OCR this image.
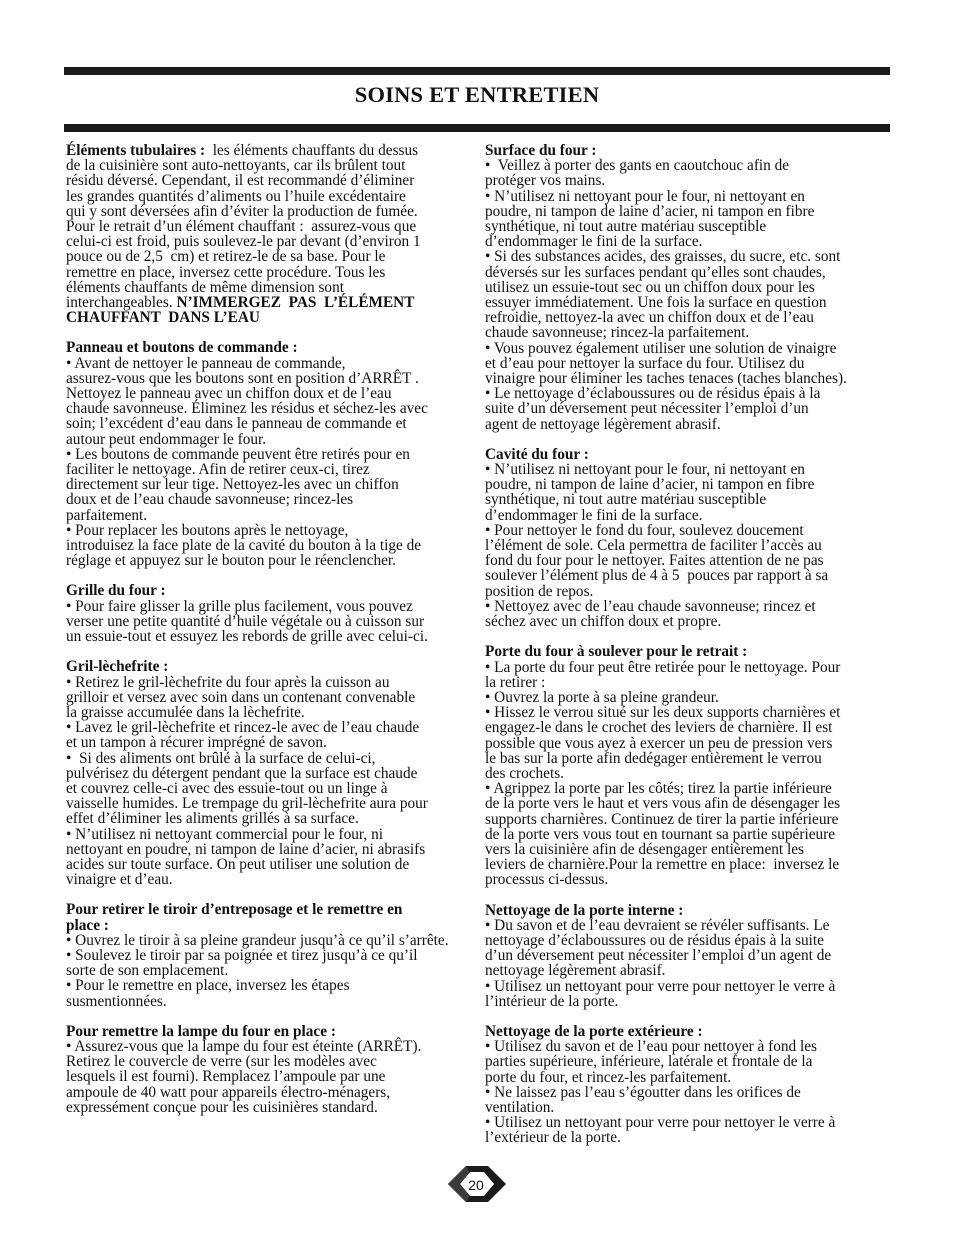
SOINS ET ENTRETIEN
Éléments tubulaires :  les éléments chauffants du dessus
de la cuisinière sont auto-nettoyants, car ils brûlent tout
résidu déversé. Cependant, il est recommandé d’éliminer
les grandes quantités d’aliments ou l’huile excédentaire
qui y sont déversées afin d’éviter la production de fumée.
Pour le retrait d’un élément chauffant :  assurez-vous que
celui-ci est froid, puis soulevez-le par devant (d’environ 1
pouce ou de 2,5  cm) et retirez-le de sa base. Pour le
remettre en place, inversez cette procédure. Tous les
éléments chauffants de même dimension sont
interchangeables. N’IMMERGEZ  PAS  L’ÉLÉMENT
CHAUFFANT  DANS L’EAU
Panneau et boutons de commande :
• Avant de nettoyer le panneau de commande,
assurez-vous que les boutons sont en position d’ARRÊT .
Nettoyez le panneau avec un chiffon doux et de l’eau
chaude savonneuse. Éliminez les résidus et séchez-les avec
soin; l’excédent d’eau dans le panneau de commande et
autour peut endommager le four.
• Les boutons de commande peuvent être retirés pour en
faciliter le nettoyage. Afin de retirer ceux-ci, tirez
directement sur leur tige. Nettoyez-les avec un chiffon
doux et de l’eau chaude savonneuse; rincez-les
parfaitement.
• Pour replacer les boutons après le nettoyage,
introduisez la face plate de la cavité du bouton à la tige de
réglage et appuyez sur le bouton pour le réenclencher.
Grille du four :
• Pour faire glisser la grille plus facilement, vous pouvez
verser une petite quantité d’huile végétale ou à cuisson sur
un essuie-tout et essuyez les rebords de grille avec celui-ci.
Gril-lèchefrite :
• Retirez le gril-lèchefrite du four après la cuisson au
grilloir et versez avec soin dans un contenant convenable
la graisse accumulée dans la lèchefrite.
• Lavez le gril-lèchefrite et rincez-le avec de l’eau chaude
et un tampon à récurer imprégné de savon.
•  Si des aliments ont brûlé à la surface de celui-ci,
pulvérisez du détergent pendant que la surface est chaude
et couvrez celle-ci avec des essuie-tout ou un linge à
vaisselle humides. Le trempage du gril-lèchefrite aura pour
effet d’éliminer les aliments grillés à sa surface.
• N’utilisez ni nettoyant commercial pour le four, ni
nettoyant en poudre, ni tampon de laine d’acier, ni abrasifs
acides sur toute surface. On peut utiliser une solution de
vinaigre et d’eau.
Pour retirer le tiroir d’entreposage et le remettre en
place :
• Ouvrez le tiroir à sa pleine grandeur jusqu’à ce qu’il s’arrête.
• Soulevez le tiroir par sa poignée et tirez jusqu’à ce qu’il
sorte de son emplacement.
• Pour le remettre en place, inversez les étapes
susmentionnées.
Pour remettre la lampe du four en place :
• Assurez-vous que la lampe du four est éteinte (ARRÊT).
Retirez le couvercle de verre (sur les modèles avec
lesquels il est fourni). Remplacez l’ampoule par une
ampoule de 40 watt pour appareils électro-ménagers,
expressément conçue pour les cuisinières standard.
Surface du four :
•  Veillez à porter des gants en caoutchouc afin de
protéger vos mains.
• N’utilisez ni nettoyant pour le four, ni nettoyant en
poudre, ni tampon de laine d’acier, ni tampon en fibre
synthétique, ni tout autre matériau susceptible
d’endommager le fini de la surface.
• Si des substances acides, des graisses, du sucre, etc. sont
déversés sur les surfaces pendant qu’elles sont chaudes,
utilisez un essuie-tout sec ou un chiffon doux pour les
essuyer immédiatement. Une fois la surface en question
refroidie, nettoyez-la avec un chiffon doux et de l’eau
chaude savonneuse; rincez-la parfaitement.
• Vous pouvez également utiliser une solution de vinaigre
et d’eau pour nettoyer la surface du four. Utilisez du
vinaigre pour éliminer les taches tenaces (taches blanches).
• Le nettoyage d’éclaboussures ou de résidus épais à la
suite d’un déversement peut nécessiter l’emploi d’un
agent de nettoyage légèrement abrasif.
Cavité du four :
• N’utilisez ni nettoyant pour le four, ni nettoyant en
poudre, ni tampon de laine d’acier, ni tampon en fibre
synthétique, ni tout autre matériau susceptible
d’endommager le fini de la surface.
• Pour nettoyer le fond du four, soulevez doucement
l’élément de sole. Cela permettra de faciliter l’accès au
fond du four pour le nettoyer. Faites attention de ne pas
soulever l’élément plus de 4 à 5  pouces par rapport à sa
position de repos.
• Nettoyez avec de l’eau chaude savonneuse; rincez et
séchez avec un chiffon doux et propre.
Porte du four à soulever pour le retrait :
• La porte du four peut être retirée pour le nettoyage. Pour
la retirer :
• Ouvrez la porte à sa pleine grandeur.
• Hissez le verrou situé sur les deux supports charnières et
engagez-le dans le crochet des leviers de charnière. Il est
possible que vous ayez à exercer un peu de pression vers
le bas sur la porte afin dedégager entièrement le verrou
des crochets.
• Agrippez la porte par les côtés; tirez la partie inférieure
de la porte vers le haut et vers vous afin de désengager les
supports charnières. Continuez de tirer la partie inférieure
de la porte vers vous tout en tournant sa partie supérieure
vers la cuisinière afin de désengager entièrement les
leviers de charnière.Pour la remettre en place:  inversez le
processus ci-dessus.
Nettoyage de la porte interne :
• Du savon et de l’eau devraient se révéler suffisants. Le
nettoyage d’éclaboussures ou de résidus épais à la suite
d’un déversement peut nécessiter l’emploi d’un agent de
nettoyage légèrement abrasif.
• Utilisez un nettoyant pour verre pour nettoyer le verre à
l’intérieur de la porte.
Nettoyage de la porte extérieure :
• Utilisez du savon et de l’eau pour nettoyer à fond les
parties supérieure, inférieure, latérale et frontale de la
porte du four, et rincez-les parfaitement.
• Ne laissez pas l’eau s’égoutter dans les orifices de
ventilation.
• Utilisez un nettoyant pour verre pour nettoyer le verre à
l’extérieur de la porte.
20
